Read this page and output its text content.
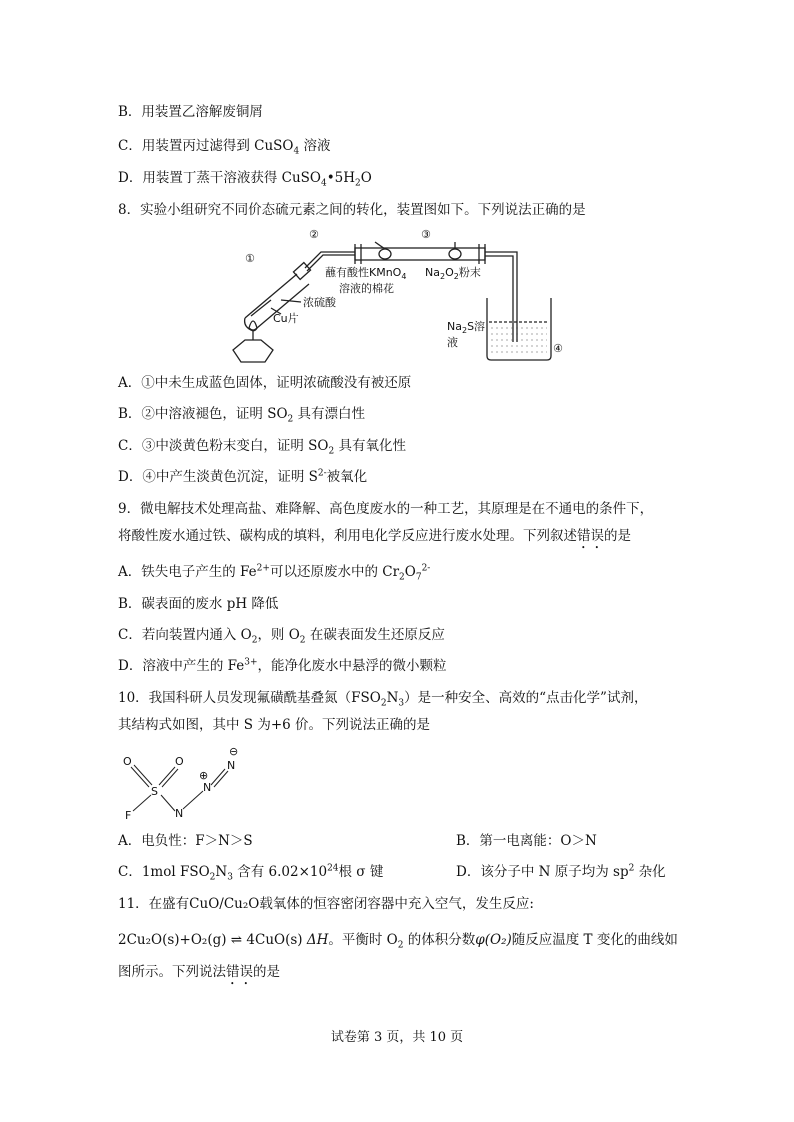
B．用装置乙溶解废铜屑
C．用装置丙过滤得到 CuSO$_4$ 溶液
D．用装置丁蒸干溶液获得 $CuSO_4•5H_2O$
8．实验小组研究不同价态硫元素之间的转化，装置图如下。下列说法正确的是
①
②	③
④
蘸有酸性KMnO$_4$
溶液的棉花
$Na_2O_2$粉末
浓硫酸
Cu片
$Na_2S$溶
液
A．①中未生成蓝色固体，证明浓硫酸没有被还原
B．②中溶液褪色，证明 $SO_2$ 具有漂白性
C．③中淡黄色粉末变白，证明 $SO_2$ 具有氧化性
D．④中产生淡黄色沉淀，证明 $S^{2-}$被氧化
9．微电解技术处理高盐、难降解、高色度废水的一种工艺，其原理是在不通电的条件下，
将酸性废水通过铁、碳构成的填料，利用电化学反应进行废水处理。下列叙述错误的是
A．铁失电子产生的 $Fe^{2+}$可以还原废水中的 $Cr_2O_7^{2-}$
B．碳表面的废水 pH 降低
C．若向装置内通入 $O_2$，则 $O_2$ 在碳表面发生还原反应
D．溶液中产生的 $Fe^{3+}$，能净化废水中悬浮的微小颗粒
10．我国科研人员发现氟磺酰基叠氮$(FSO_2N_3)$是一种安全、高效的“点击化学”试剂，
其结构式如图，其中 S 为+6 价。下列说法正确的是
O	O
S
F	N
N
N
⊕
⊖
A．电负性：F＞N＞S	B．第一电离能：O＞N
C．1mol $FSO_2N_3$ 含有 $6.02\times 10^{24}$根 σ 键	D．该分子中 N 原子均为 $sp^2$ 杂化
11．在盛有CuO/Cu₂O载氧体的恒容密闭容器中充入空气，发生反应:
2Cu₂O(s)+O₂(g) ⇌ 4CuO(s) ΔH。平衡时 $O_2$ 的体积分数φ(O₂)随反应温度 T 变化的曲线如
图所示。下列说法错误的是
试卷第 3 页，共 10 页
